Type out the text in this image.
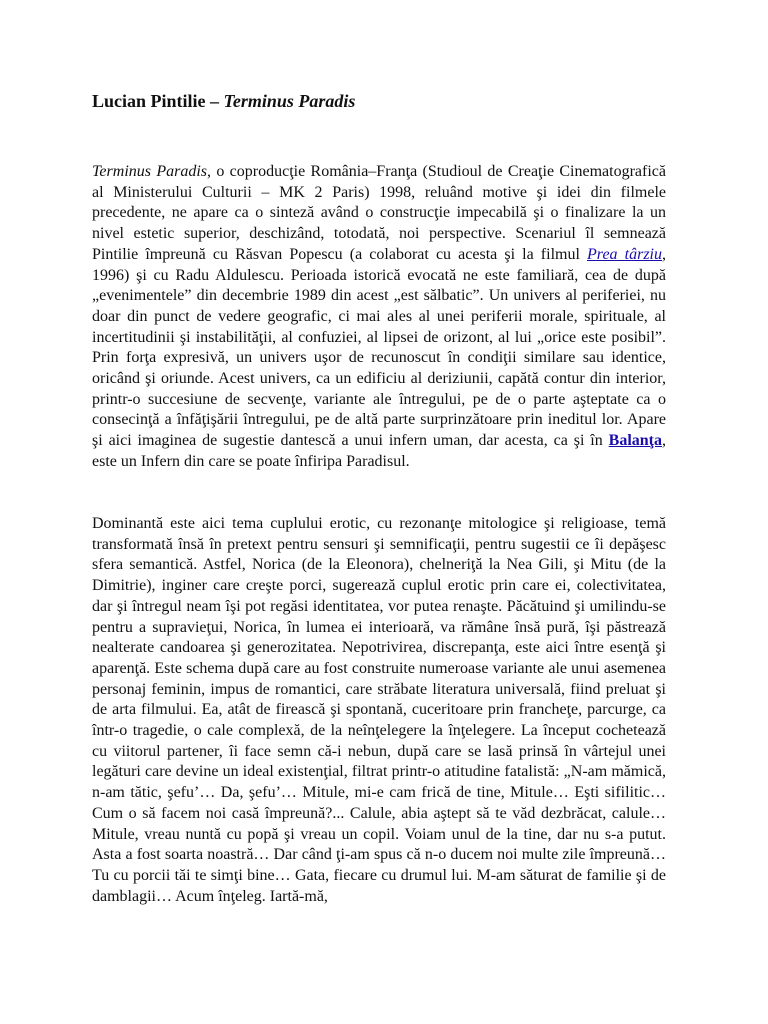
Lucian Pintilie – Terminus Paradis

Terminus Paradis, o coproducţie România–Franţa (Studioul de Creaţie Cinematografică al Ministerului Culturii – MK 2 Paris) 1998, reluând motive şi idei din filmele precedente, ne apare ca o sinteză având o construcţie impecabilă şi o finalizare la un nivel estetic superior, deschizând, totodată, noi perspective. Scenariul îl semnează Pintilie împreună cu Răsvan Popescu (a colaborat cu acesta şi la filmul Prea târziu, 1996) şi cu Radu Aldulescu. Perioada istorică evocată ne este familiară, cea de după „evenimentele” din decembrie 1989 din acest „est sălbatic”. Un univers al periferiei, nu doar din punct de vedere geografic, ci mai ales al unei periferii morale, spirituale, al incertitudinii şi instabilităţii, al confuziei, al lipsei de orizont, al lui „orice este posibil”. Prin forţa expresivă, un univers uşor de recunoscut în condiţii similare sau identice, oricând şi oriunde. Acest univers, ca un edificiu al deriziunii, capătă contur din interior, printr-o succesiune de secvenţe, variante ale întregului, pe de o parte aşteptate ca o consecinţă a înfăţişării întregului, pe de altă parte surprinzătoare prin ineditul lor. Apare şi aici imaginea de sugestie dantescă a unui infern uman, dar acesta, ca şi în Balanţa, este un Infern din care se poate înfiripa Paradisul.

Dominantă este aici tema cuplului erotic, cu rezonanţe mitologice şi religioase, temă transformată însă în pretext pentru sensuri şi semnificaţii, pentru sugestii ce îi depăşesc sfera semantică. Astfel, Norica (de la Eleonora), chelneriţă la Nea Gili, şi Mitu (de la Dimitrie), inginer care creşte porci, sugerează cuplul erotic prin care ei, colectivitatea, dar şi întregul neam îşi pot regăsi identitatea, vor putea renaşte. Păcătuind şi umilindu-se pentru a supravieţui, Norica, în lumea ei interioară, va rămâne însă pură, îşi păstrează nealterate candoarea şi generozitatea. Nepotrivirea, discrepanţa, este aici între esenţă şi aparenţă. Este schema după care au fost construite numeroase variante ale unui asemenea personaj feminin, impus de romantici, care străbate literatura universală, fiind preluat şi de arta filmului. Ea, atât de firească şi spontană, cuceritoare prin francheţe, parcurge, ca într-o tragedie, o cale complexă, de la neînţelegere la înţelegere. La început cochetează cu viitorul partener, îi face semn că-i nebun, după care se lasă prinsă în vârtejul unei legături care devine un ideal existenţial, filtrat printr-o atitudine fatalistă: „N-am mămică, n-am tătic, şefu’… Da, şefu’… Mitule, mi-e cam frică de tine, Mitule… Eşti sifilitic… Cum o să facem noi casă împreună?... Calule, abia aştept să te văd dezbrăcat, calule… Mitule, vreau nuntă cu popă şi vreau un copil. Voiam unul de la tine, dar nu s-a putut. Asta a fost soarta noastră… Dar când ţi-am spus că n-o ducem noi multe zile împreună…Tu cu porcii tăi te simţi bine… Gata, fiecare cu drumul lui. M-am săturat de familie şi de damblagii… Acum înţeleg. Iartă-mă,
